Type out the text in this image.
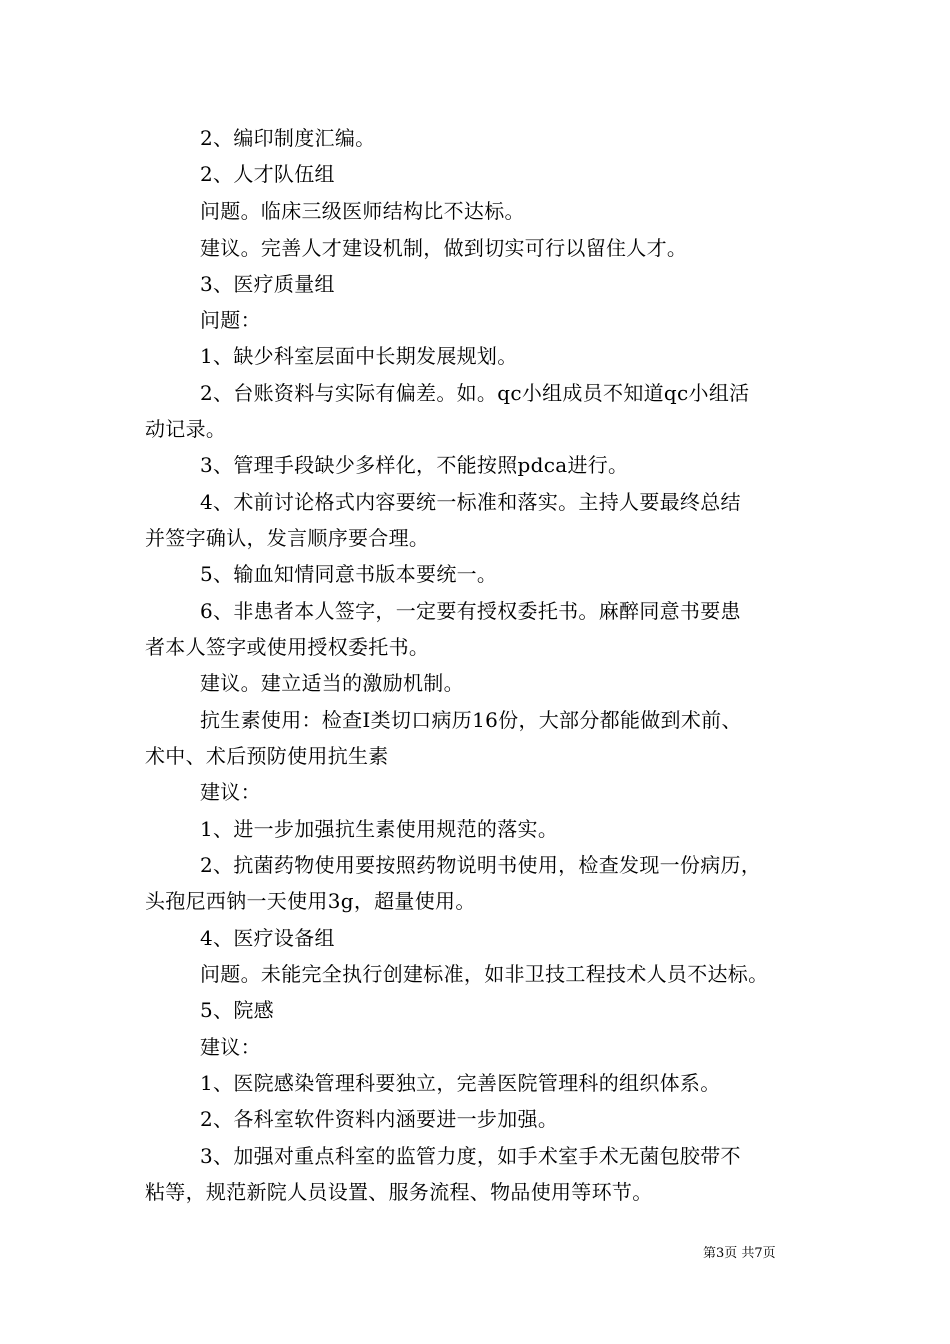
2、编印制度汇编。
2、人才队伍组
问题。临床三级医师结构比不达标。
建议。完善人才建设机制，做到切实可行以留住人才。
3、医疗质量组
问题：
1、缺少科室层面中长期发展规划。
2、台账资料与实际有偏差。如。qc小组成员不知道qc小组活
动记录。
3、管理手段缺少多样化，不能按照pdca进行。
4、术前讨论格式内容要统一标准和落实。主持人要最终总结
并签字确认，发言顺序要合理。
5、输血知情同意书版本要统一。
6、非患者本人签字，一定要有授权委托书。麻醉同意书要患
者本人签字或使用授权委托书。
建议。建立适当的激励机制。
抗生素使用：检查Ⅰ类切口病历16份，大部分都能做到术前、
术中、术后预防使用抗生素
建议：
1、进一步加强抗生素使用规范的落实。
2、抗菌药物使用要按照药物说明书使用，检查发现一份病历，
头孢尼西钠一天使用3g，超量使用。
4、医疗设备组
问题。未能完全执行创建标准，如非卫技工程技术人员不达标。
5、院感
建议：
1、医院感染管理科要独立，完善医院管理科的组织体系。
2、各科室软件资料内涵要进一步加强。
3、加强对重点科室的监管力度，如手术室手术无菌包胶带不
粘等，规范新院人员设置、服务流程、物品使用等环节。
第3页 共7页
